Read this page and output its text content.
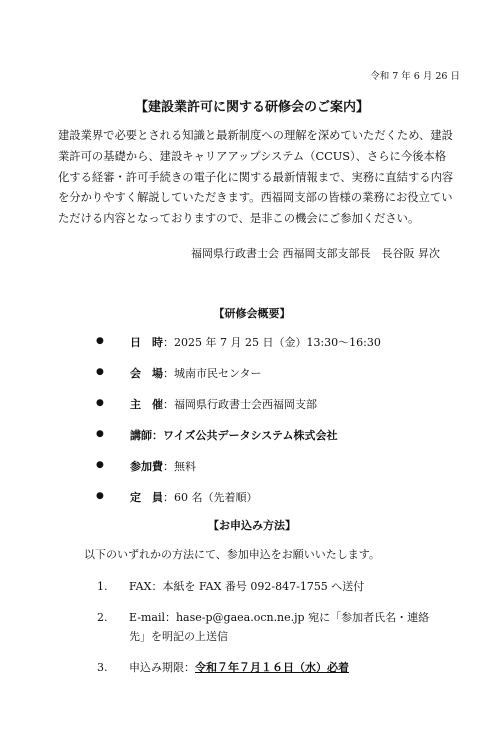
令和 7 年 6 月 26 日
【建設業許可に関する研修会のご案内】

建設業界で必要とされる知識と最新制度への理解を深めていただくため、建設業許可の基礎から、建設キャリアアップシステム（CCUS）、さらに今後本格化する経審・許可手続きの電子化に関する最新情報まで、実務に直結する内容を分かりやすく解説していただきます。西福岡支部の皆様の業務にお役立ていただける内容となっておりますので、是非この機会にご参加ください。

福岡県行政書士会 西福岡支部支部長　長谷阪 昇次
【研修会概要】
●	日　時 ：2025 年 7 月 25 日（金）13:30～16:30
●	会　場 ：城南市民センター
●	主　催 ：福岡県行政書士会西福岡支部
●	講師：ワイズ公共データシステム株式会社
●	参加費 ：無料
●	定　員 ：60 名（先着順）
【お申込み方法】
以下のいずれかの方法にて、参加申込をお願いいたします。
1.	FAX：本紙を FAX 番号 092-847-1755 へ送付
2.	E-mail：hase-p@gaea.ocn.ne.jp 宛に「参加者氏名・連絡先」を明記の上送信
3.	申込み期限：令和７年７月１６日（水）必着
